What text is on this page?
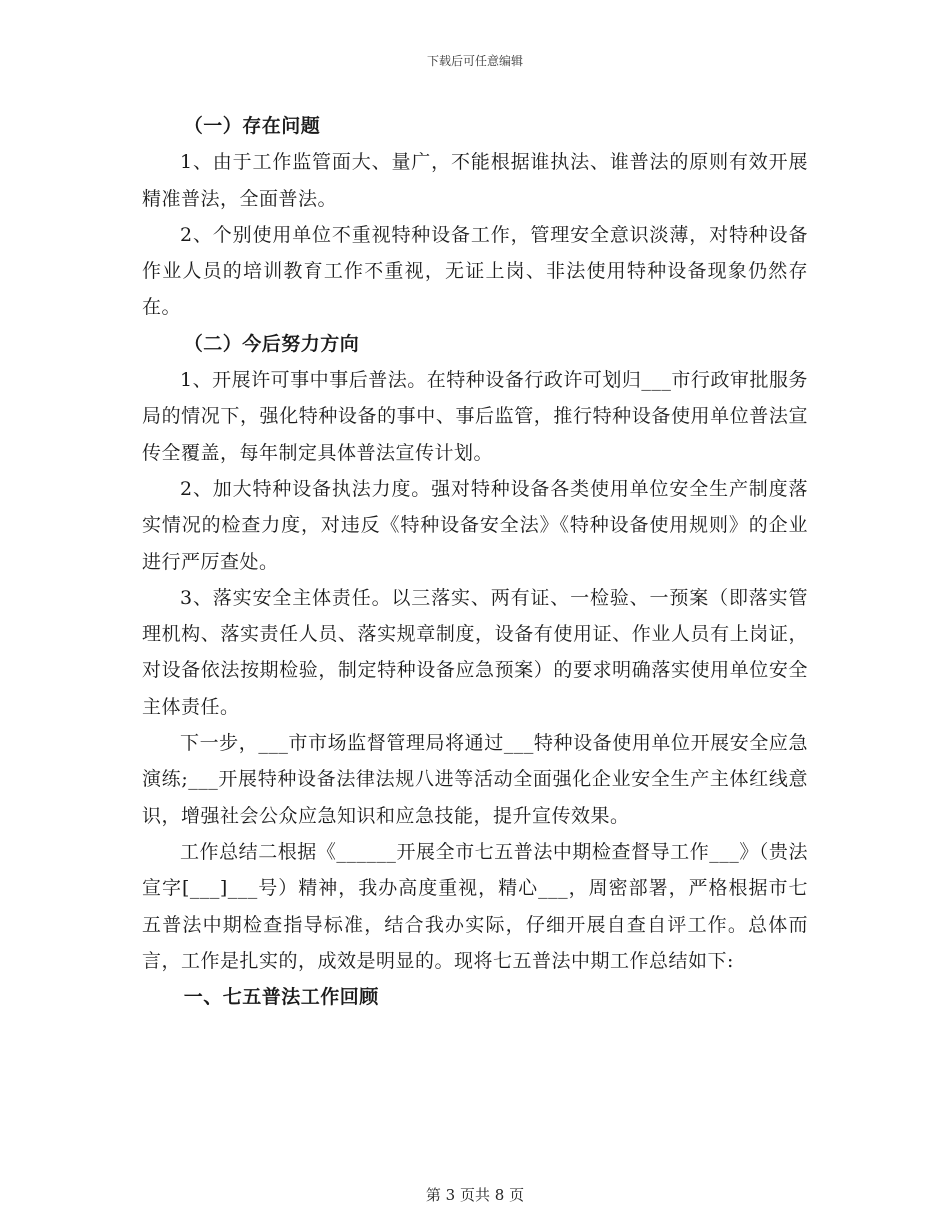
下载后可任意编辑

（一）存在问题

1、由于工作监管面大、量广，不能根据谁执法、谁普法的原则有效开展精准普法，全面普法。

2、个别使用单位不重视特种设备工作，管理安全意识淡薄，对特种设备作业人员的培训教育工作不重视，无证上岗、非法使用特种设备现象仍然存在。

（二）今后努力方向

1、开展许可事中事后普法。在特种设备行政许可划归___市行政审批服务局的情况下，强化特种设备的事中、事后监管，推行特种设备使用单位普法宣传全覆盖，每年制定具体普法宣传计划。

2、加大特种设备执法力度。强对特种设备各类使用单位安全生产制度落实情况的检查力度，对违反《特种设备安全法》《特种设备使用规则》的企业进行严厉查处。

3、落实安全主体责任。以三落实、两有证、一检验、一预案（即落实管理机构、落实责任人员、落实规章制度，设备有使用证、作业人员有上岗证，对设备依法按期检验，制定特种设备应急预案）的要求明确落实使用单位安全主体责任。

下一步，___市市场监督管理局将通过___特种设备使用单位开展安全应急演练;___开展特种设备法律法规八进等活动全面强化企业安全生产主体红线意识，增强社会公众应急知识和应急技能，提升宣传效果。

工作总结二根据《______开展全市七五普法中期检查督导工作___》（贵法宣字[___]___号）精神，我办高度重视，精心___，周密部署，严格根据市七五普法中期检查指导标准，结合我办实际，仔细开展自查自评工作。总体而言，工作是扎实的，成效是明显的。现将七五普法中期工作总结如下:

一、七五普法工作回顾

第 3 页共 8 页
